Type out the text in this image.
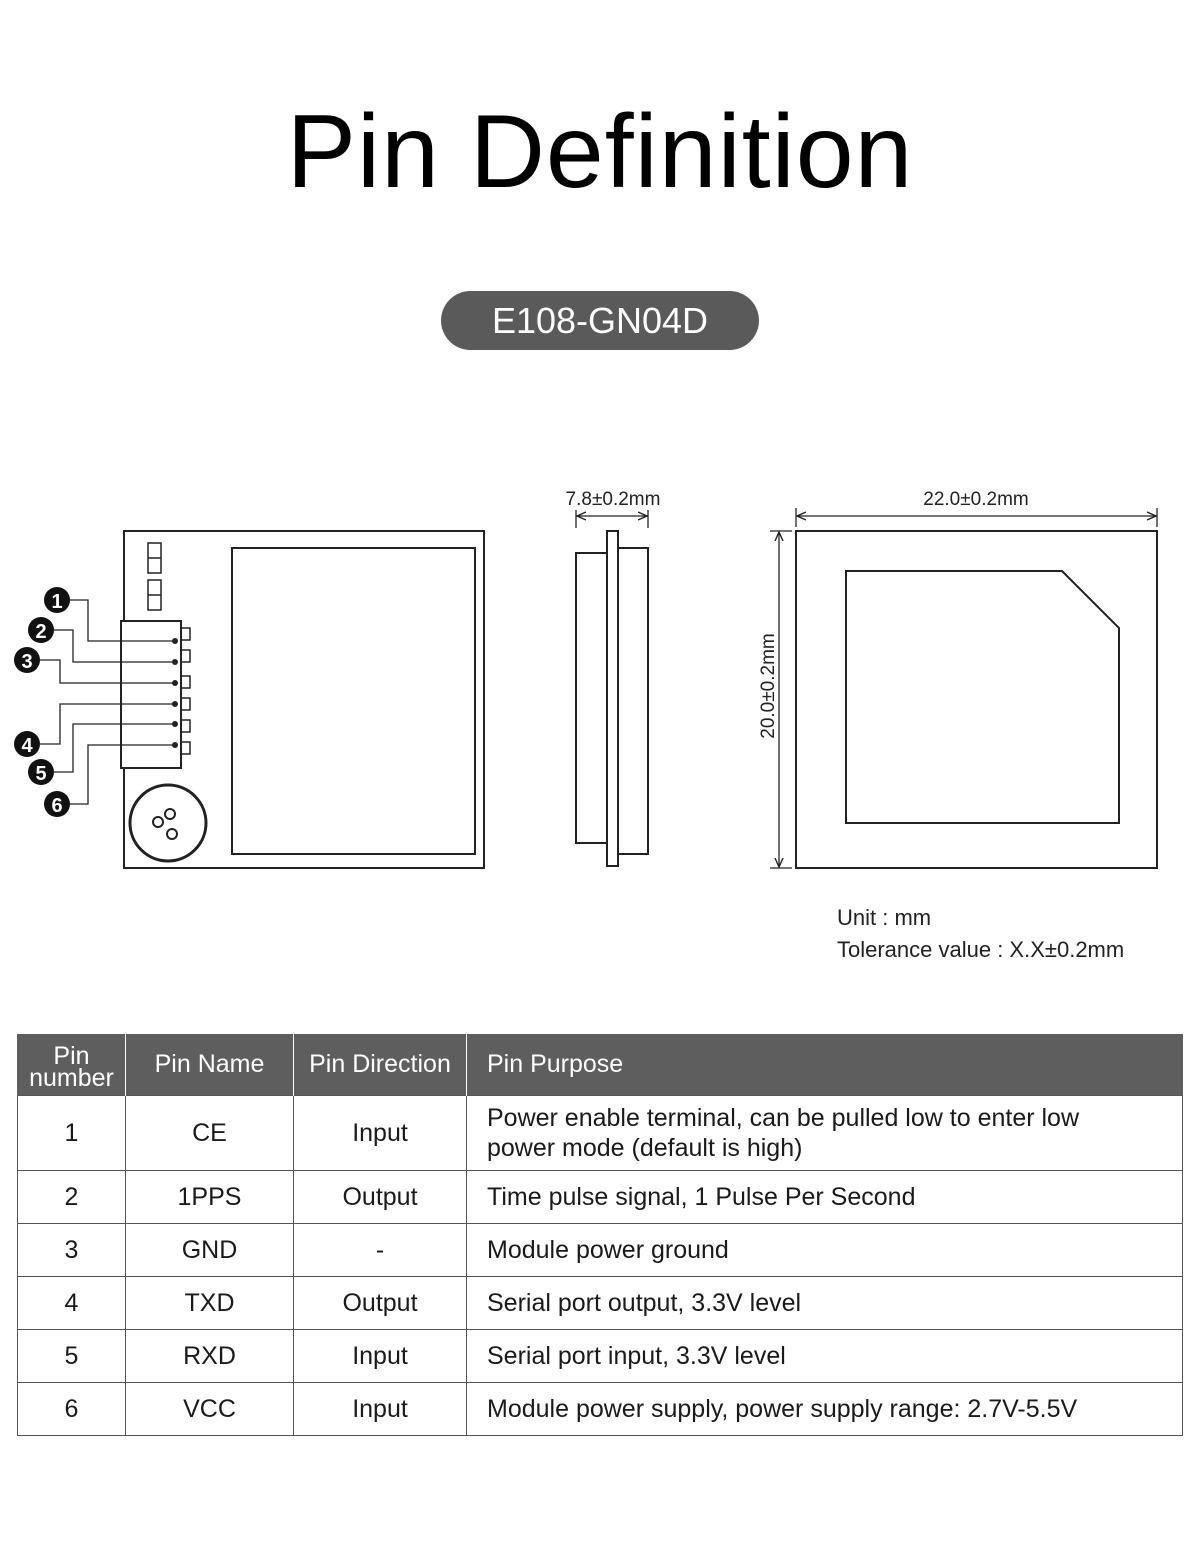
Pin Definition
E108-GN04D
1
2
3
4
5
6
7.8±0.2mm	22.0±0.2mm
20.0±0.2mm
Unit : mm
Tolerance value : X.X±0.2mm
Pin
number	Pin Name	Pin Direction	Pin Purpose
1	CE	Input	Power enable terminal, can be pulled low to enter low
power mode (default is high)

2	1PPS	Output	Time pulse signal, 1 Pulse Per Second
3	GND	-	Module power ground
4	TXD	Output	Serial port output, 3.3V level
5	RXD	Input	Serial port input, 3.3V level
6	VCC	Input	Module power supply, power supply range: 2.7V-5.5V
